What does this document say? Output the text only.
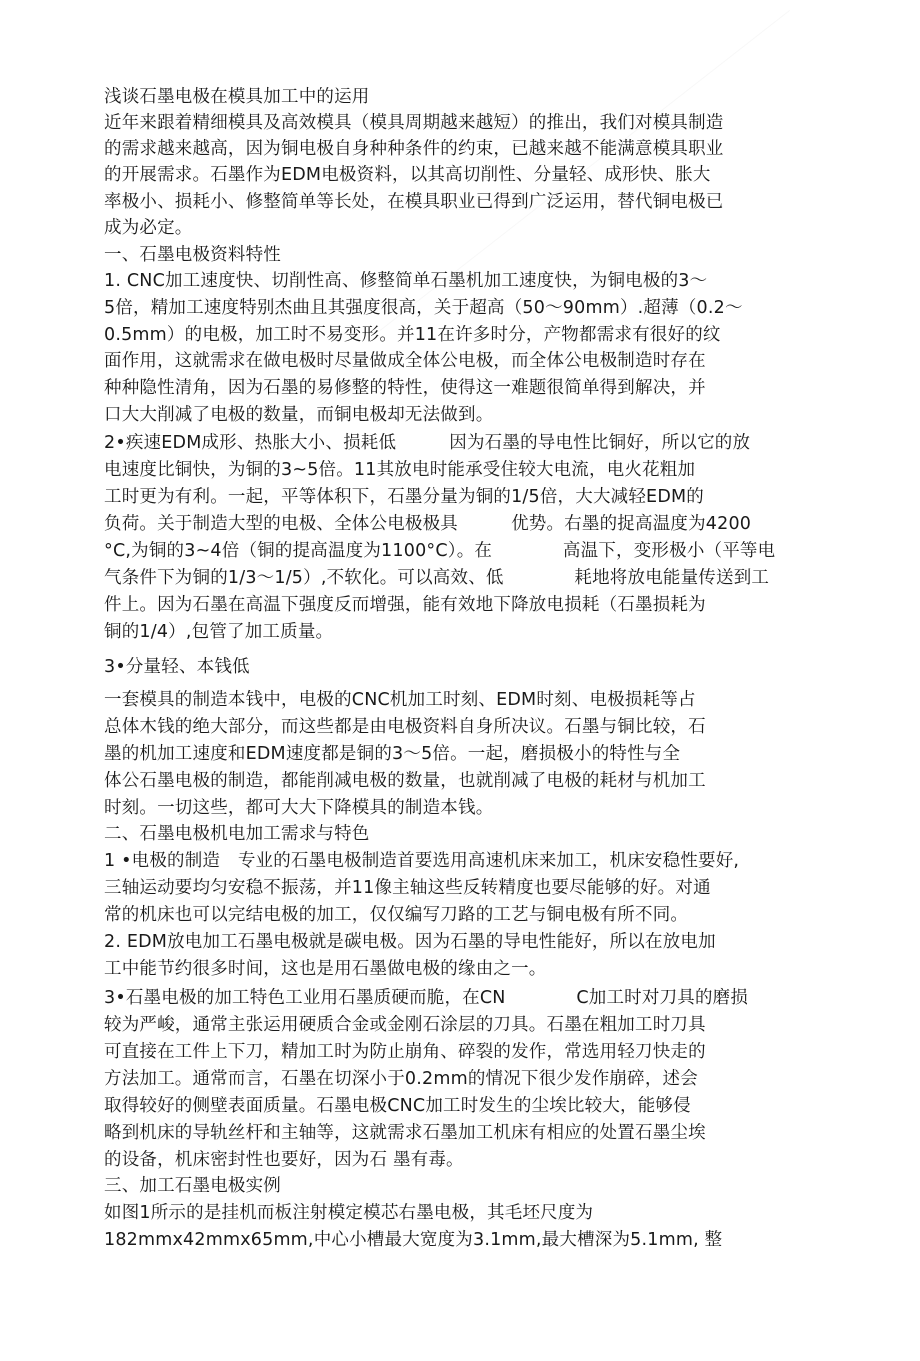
浅谈石墨电极在模具加工中的运用
近年来跟着精细模具及高效模具（模具周期越来越短）的推出，我们对模具制造
的需求越来越高，因为铜电极自身种种条件的约束，已越来越不能满意模具职业
的开展需求。石墨作为EDM电极资料，以其高切削性、分量轻、成形快、胀大
率极小、损耗小、修整简单等长处，在模具职业已得到广泛运用，替代铜电极已
成为必定。
一、石墨电极资料特性
1. CNC加工速度快、切削性高、修整简单石墨机加工速度快，为铜电极的3～
5倍，精加工速度特别杰曲且其强度很高，关于超高（50～90mm）.超薄（0.2～
0.5mm）的电极，加工时不易变形。并11在许多时分，产物都需求有很好的纹
面作用，这就需求在做电极时尽量做成全体公电极，而全体公电极制造时存在
种种隐性清角，因为石墨的易修整的特性，使得这一难题很简单得到解决，并
口大大削减了电极的数量，而铜电极却无法做到。
2•疾速EDM成形、热胀大小、损耗低　　　因为石墨的导电性比铜好，所以它的放
电速度比铜快，为铜的3~5倍。11其放电时能承受住较大电流，电火花粗加
工时更为有利。一起，平等体积下，石墨分量为铜的1/5倍，大大减轻EDM的
负荷。关于制造大型的电极、全体公电极极具　　　优势。右墨的捉高温度为4200
°C,为铜的3~4倍（铜的提高温度为1100°C）。在　　　　高温下，变形极小（平等电
气条件下为铜的1/3～1/5）,不软化。可以高效、低　　　　耗地将放电能量传送到工
件上。因为石墨在高温下强度反而增强，能有效地下降放电损耗（石墨损耗为
铜的1/4）,包管了加工质量。
3•分量轻、本钱低
一套模具的制造本钱中，电极的CNC机加工时刻、EDM时刻、电极损耗等占
总体木钱的绝大部分，而这些都是由电极资料自身所决议。石墨与铜比较，石
墨的机加工速度和EDM速度都是铜的3～5倍。一起，磨损极小的特性与全
体公石墨电极的制造，都能削减电极的数量，也就削减了电极的耗材与机加工
时刻。一切这些，都可大大下降模具的制造本钱。
二、石墨电极机电加工需求与特色
1 •电极的制造　专业的石墨电极制造首要选用高速机床来加工，机床安稳性要好,
三轴运动要均匀安稳不振荡，并11像主轴这些反转精度也要尽能够的好。对通
常的机床也可以完结电极的加工，仅仅编写刀路的工艺与铜电极有所不同。
2. EDM放电加工石墨电极就是碳电极。因为石墨的导电性能好，所以在放电加
工中能节约很多时间，这也是用石墨做电极的缘由之一。
3•石墨电极的加工特色工业用石墨质硬而脆，在CN　　　　C加工时对刀具的磨损
较为严峻，通常主张运用硬质合金或金刚石涂层的刀具。石墨在粗加工时刀具
可直接在工件上下刀，精加工时为防止崩角、碎裂的发作，常选用轻刀快走的
方法加工。通常而言，石墨在切深小于0.2mm的情况下很少发作崩碎，述会
取得较好的侧壁表面质量。石墨电极CNC加工时发生的尘埃比较大，能够侵
略到机床的导轨丝杆和主轴等，这就需求石墨加工机床有相应的处置石墨尘埃
的设备，机床密封性也要好，因为石 墨有毒。
三、加工石墨电极实例
如图1所示的是挂机而板注射模定模芯右墨电极，其毛坯尺度为
182mmx42mmx65mm,中心小槽最大宽度为3.1mm,最大槽深为5.1mm, 整
